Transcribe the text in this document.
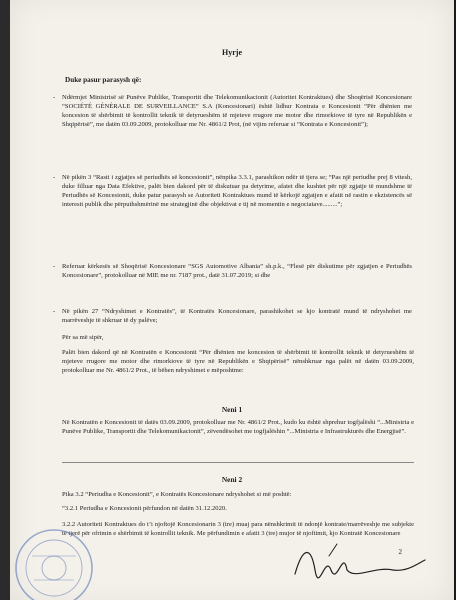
Hyrje

Duke pasur parasysh që:

- Ndërmjet Ministrisë së Punëve Publike, Transportit dhe Telekomunikacionit (Autoritet Kontraktues) dhe Shoqërisë Koncesionare “SOCIÉTÉ GÉNÉRALE DE SURVEILLANCE” S.A (Koncesionari) është lidhur Kontrata e Koncesionit “Për dhënien me koncesion të shërbimit të kontrollit teknik të detyrueshëm të mjeteve rrugore me motor dhe rimorkiove të tyre në Republikën e Shqipërisë”, me datën 03.09.2009, protokolluar me Nr. 4861/2 Prot, (në vijim referuar si “Kontrata e Koncesionit”);

- Në pikën 3 “Rasti i zgjatjes së periudhës së koncesionit”, nënpika 3.3.1, parashikon ndër të tjera se; “Pas një periudhe prej 8 vitesh, duke filluar nga Data Efektive, palët bien dakord për të diskutuar pa detyrime, afatet dhe kushtet për një zgjatje të mundshme të Periudhës së Koncesionit, duke patur parasysh se Autoriteti Kontraktues mund të kërkojë zgjatjen e afatit në rastin e ekzistencës së interesit publik dhe përputhshmërinë me strategjinë dhe objektivat e tij në momentin e negociatave.........”;

- Referuar kërkesës së Shoqërisë Koncesionare “SGS Automotive Albania” sh.p.k., “Flesë për diskutime për zgjatjen e Periudhës Koncesionare”, protokolluar në MIE me nr. 7187 prot., datë 31.07.2019; si dhe

- Në pikën 27 “Ndryshimet e Kontratës”, të Kontratës Koncesionare, parashikohet se kjo kontratë mund të ndryshohet me marrëveshje të shkruar të dy palëve;

Për sa më sipër,

Palët bien dakord që në Kontratën e Koncesionit “Për dhënien me koncesion të shërbimit të kontrollit teknik të detyrueshëm të mjeteve rrugore me motor dhe rimorkiove të tyre në Republikën e Shqipërisë” nënshkruar nga palët në datën 03.09.2009, protokolluar me Nr. 4861/2 Prot., të bëhen ndryshimet e mëposhtme:

Neni 1

Në Kontratën e Koncesionit të datës 03.09.2009, protokolluar me Nr. 4861/2 Prot., kudo ku është shprehur togfjalëshi “...Ministria e Punëve Publike, Transportit dhe Telekomunikacionit”, zëvendësohet me togfjalëshin “...Ministria e Infrastrukturës dhe Energjisë”.

Neni 2

Pika 3.2 “Periudha e Koncesionit”, e Kontratës Koncesionare ndryshohet si më poshtë:

“3.2.1 Periudha e Koncesionit përfundon në datën 31.12.2020.

3.2.2 Autoriteti Kontraktues do t’i njoftojë Koncesionarin 3 (tre) muaj para nënshkrimit të ndonjë kontrate/marrëveshje me subjekte të tjerë për ofrimin e shërbimit të kontrollit teknik. Me përfundimin e afatit 3 (tre) mujor të njoftimit, kjo Kontratë Koncesionare

2
